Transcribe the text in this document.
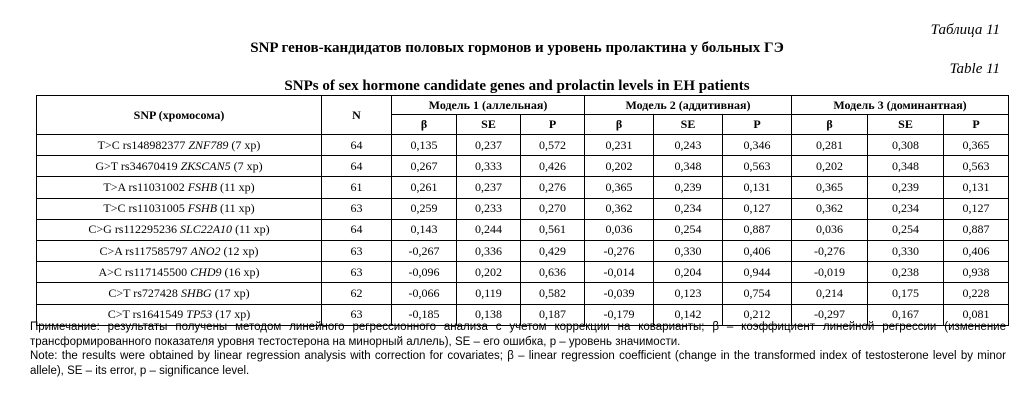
Таблица 11
SNP генов-кандидатов половых гормонов и уровень пролактина у больных ГЭ
Table 11
SNPs of sex hormone candidate genes and prolactin levels in EH patients
SNP (хромосома)	N	Модель 1 (аллельная)			Модель 2 (аддитивная)			Модель 3 (доминантная)		
		β	SE	P	β	SE	P	β	SE	P
T>C rs148982377 ZNF789 (7 хр)	64	0,135	0,237	0,572	0,231	0,243	0,346	0,281	0,308	0,365
G>T rs34670419 ZKSCAN5 (7 хр)	64	0,267	0,333	0,426	0,202	0,348	0,563	0,202	0,348	0,563
T>A rs11031002 FSHB (11 хр)	61	0,261	0,237	0,276	0,365	0,239	0,131	0,365	0,239	0,131
T>C rs11031005 FSHB (11 хр)	63	0,259	0,233	0,270	0,362	0,234	0,127	0,362	0,234	0,127
C>G rs112295236 SLC22A10 (11 хр)	64	0,143	0,244	0,561	0,036	0,254	0,887	0,036	0,254	0,887
C>A rs117585797 ANO2 (12 хр)	63	-0,267	0,336	0,429	-0,276	0,330	0,406	-0,276	0,330	0,406
A>C rs117145500 CHD9 (16 хр)	63	-0,096	0,202	0,636	-0,014	0,204	0,944	-0,019	0,238	0,938
C>T rs727428 SHBG (17 хр)	62	-0,066	0,119	0,582	-0,039	0,123	0,754	0,214	0,175	0,228
C>T rs1641549 TP53 (17 хр)	63	-0,185	0,138	0,187	-0,179	0,142	0,212	-0,297	0,167	0,081
Примечание: результаты получены методом линейного регрессионного анализа с учетом коррекции на коварианты; β – коэффициент линейной регрессии (изменение трансформированного показателя уровня тестостерона на минорный аллель), SE – его ошибка, p – уровень значимости.
Note: the results were obtained by linear regression analysis with correction for covariates; β – linear regression coefficient (change in the transformed index of testosterone level by minor allele), SE – its error, p – significance level.
